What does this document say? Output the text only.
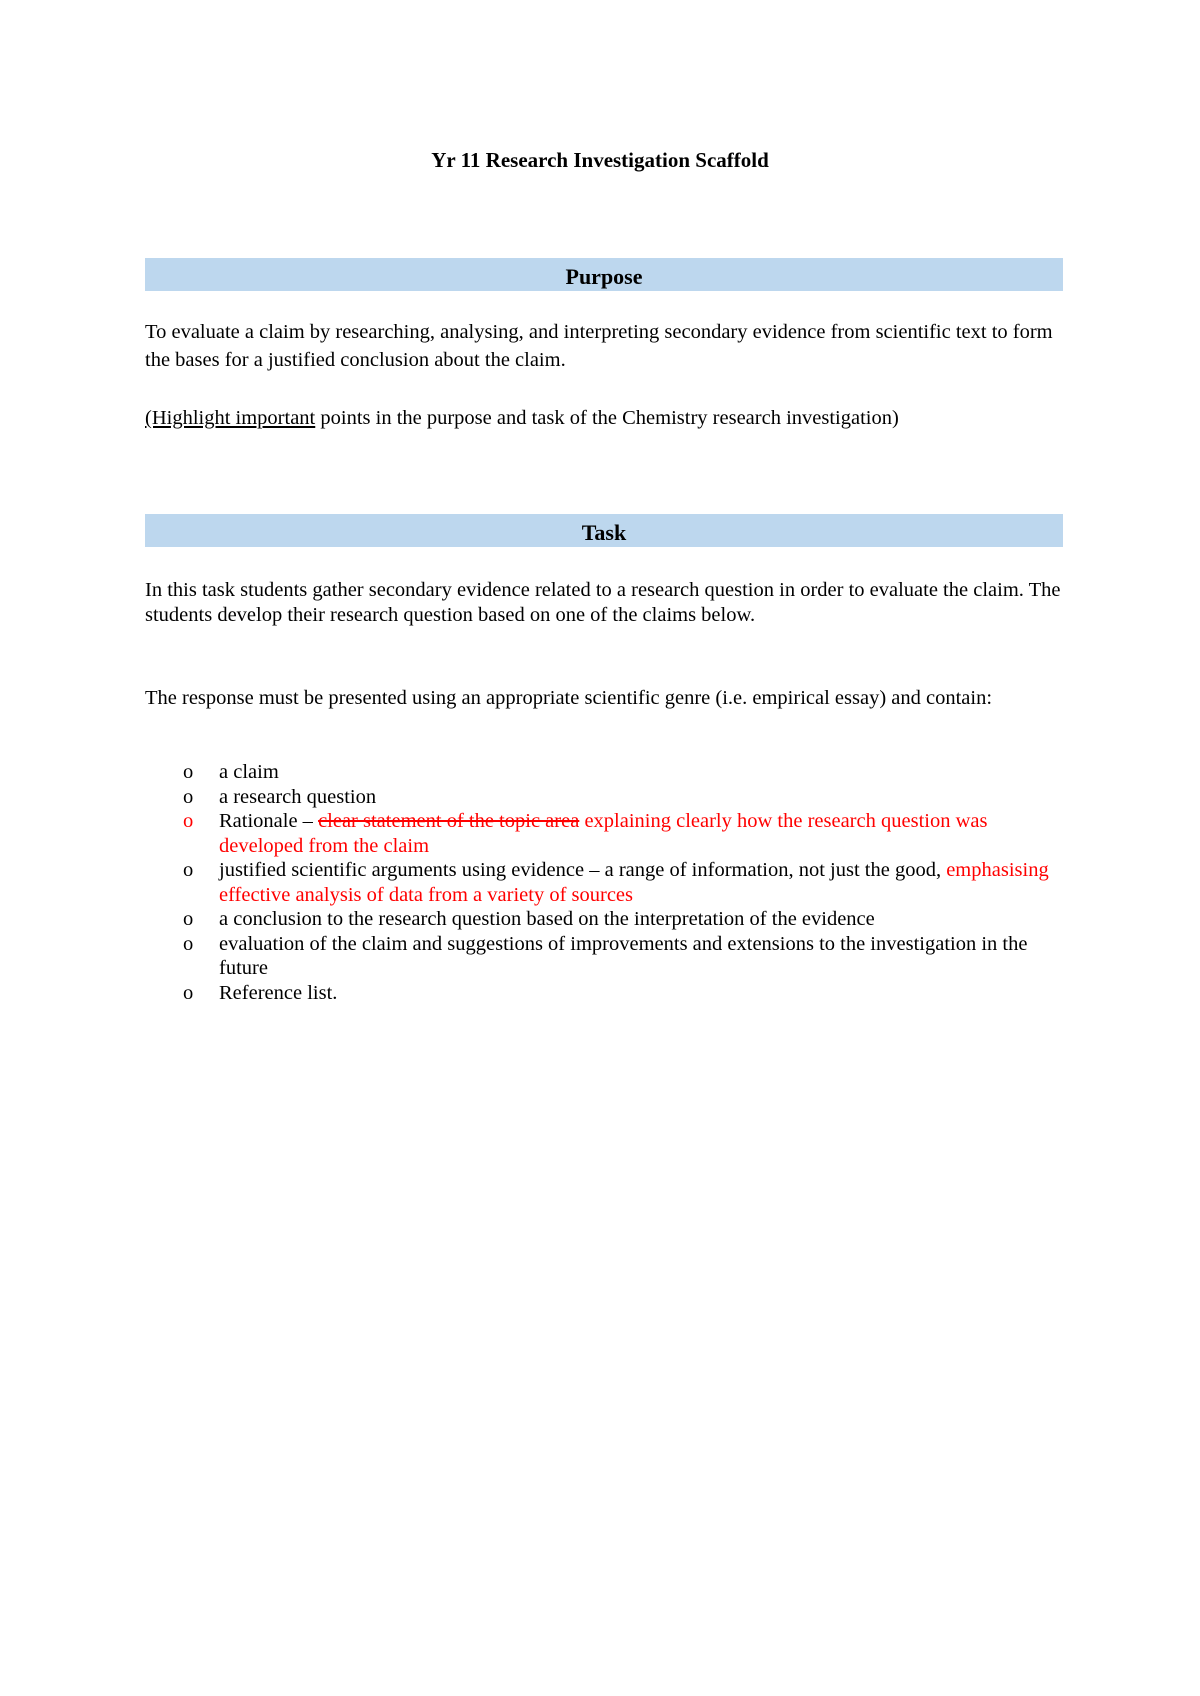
Yr 11 Research Investigation Scaffold
Purpose
To evaluate a claim by researching, analysing, and interpreting secondary evidence from scientific text to form the bases for a justified conclusion about the claim.
(Highlight important points in the purpose and task of the Chemistry research investigation)
Task
In this task students gather secondary evidence related to a research question in order to evaluate the claim. The students develop their research question based on one of the claims below.
The response must be presented using an appropriate scientific genre (i.e. empirical essay) and contain:
o a claim
o a research question
o Rationale – clear statement of the topic area explaining clearly how the research question was developed from the claim
o justified scientific arguments using evidence – a range of information, not just the good, emphasising effective analysis of data from a variety of sources
o a conclusion to the research question based on the interpretation of the evidence
o evaluation of the claim and suggestions of improvements and extensions to the investigation in the future
o Reference list.
